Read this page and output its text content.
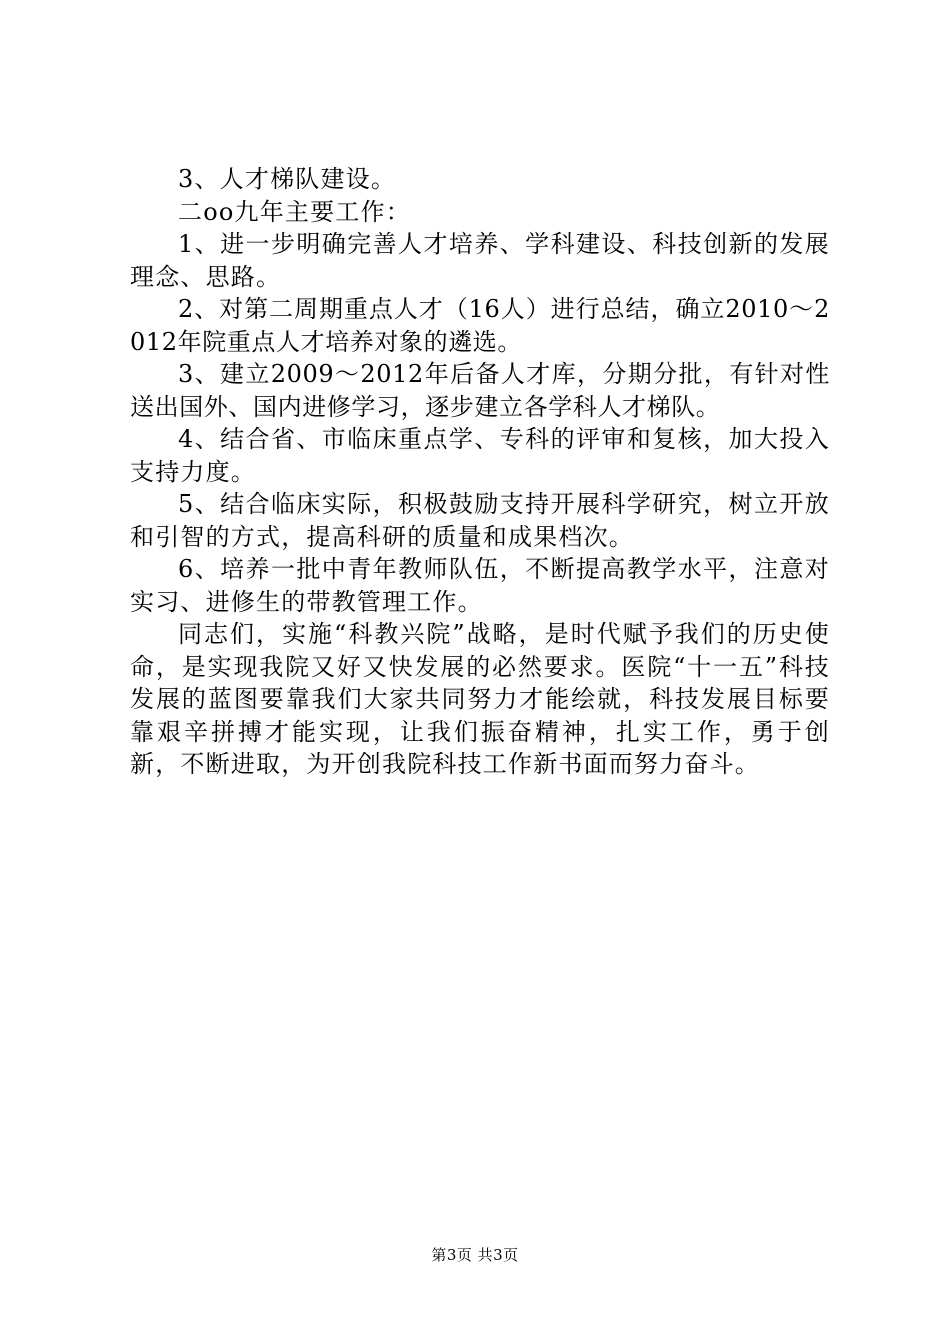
3、人才梯队建设。

二oo九年主要工作：

1、进一步明确完善人才培养、学科建设、科技创新的发展理念、思路。

2、对第二周期重点人才（16人）进行总结，确立2010～2012年院重点人才培养对象的遴选。

3、建立2009～2012年后备人才库，分期分批，有针对性送出国外、国内进修学习，逐步建立各学科人才梯队。

4、结合省、市临床重点学、专科的评审和复核，加大投入支持力度。

5、结合临床实际，积极鼓励支持开展科学研究，树立开放和引智的方式，提高科研的质量和成果档次。

6、培养一批中青年教师队伍，不断提高教学水平，注意对实习、进修生的带教管理工作。

同志们，实施“科教兴院”战略，是时代赋予我们的历史使命，是实现我院又好又快发展的必然要求。医院“十一五”科技发展的蓝图要靠我们大家共同努力才能绘就，科技发展目标要靠艰辛拼搏才能实现，让我们振奋精神，扎实工作，勇于创新，不断进取，为开创我院科技工作新书面而努力奋斗。

第3页 共3页
